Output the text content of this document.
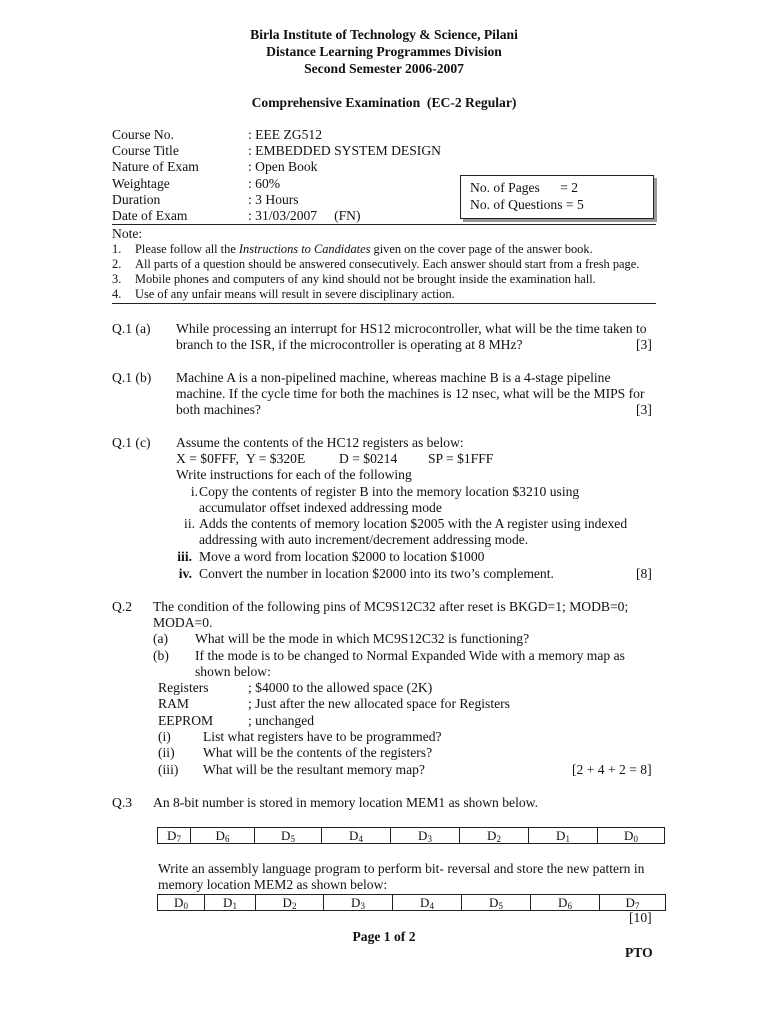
Birla Institute of Technology & Science, Pilani
Distance Learning Programmes Division
Second Semester 2006-2007
Comprehensive Examination  (EC-2 Regular)
Course No.	: EEE ZG512
Course Title	: EMBEDDED SYSTEM DESIGN
Nature of Exam	: Open Book
Weightage	: 60%
Duration	: 3 Hours
Date of Exam	: 31/03/2007     (FN)
No. of Pages      = 2
No. of Questions = 5
Note:
1. Please follow all the Instructions to Candidates given on the cover page of the answer book.
2. All parts of a question should be answered consecutively. Each answer should start from a fresh page.
3. Mobile phones and computers of any kind should not be brought inside the examination hall.
4. Use of any unfair means will result in severe disciplinary action.
Q.1 (a) While processing an interrupt for HS12 microcontroller, what will be the time taken to
branch to the ISR, if the microcontroller is operating at 8 MHz?	[3]
Q.1 (b) Machine A is a non-pipelined machine, whereas machine B is a 4-stage pipeline
machine. If the cycle time for both the machines is 12 nsec, what will be the MIPS for
both machines?	[3]
Q.1 (c) Assume the contents of the HC12 registers as below:
X = $0FFF, Y = $320E D = $0214 SP = $1FFF
Write instructions for each of the following
i. Copy the contents of register B into the memory location $3210 using
accumulator offset indexed addressing mode
ii. Adds the contents of memory location $2005 with the A register using indexed
addressing with auto increment/decrement addressing mode.
iii. Move a word from location $2000 to location $1000
iv. Convert the number in location $2000 into its two’s complement.	[8]
Q.2 The condition of the following pins of MC9S12C32 after reset is BKGD=1; MODB=0;
MODA=0.
(a) What will be the mode in which MC9S12C32 is functioning?
(b) If the mode is to be changed to Normal Expanded Wide with a memory map as
shown below:
Registers	; $4000 to the allowed space (2K)
RAM	; Just after the new allocated space for Registers
EEPROM	; unchanged
(i) List what registers have to be programmed?
(ii) What will be the contents of the registers?
(iii) What will be the resultant memory map?	[2 + 4 + 2 = 8]
Q.3 An 8-bit number is stored in memory location MEM1 as shown below.
$D_7$	$D_6$	$D_5$	$D_4$	$D_3$	$D_2$	$D_1$	$D_0$
Write an assembly language program to perform bit- reversal and store the new pattern in
memory location MEM2 as shown below:
$D_0$	$D_1$	$D_2$	$D_3$	$D_4$	$D_5$	$D_6$	$D_7$
[10]
Page 1 of 2
PTO
